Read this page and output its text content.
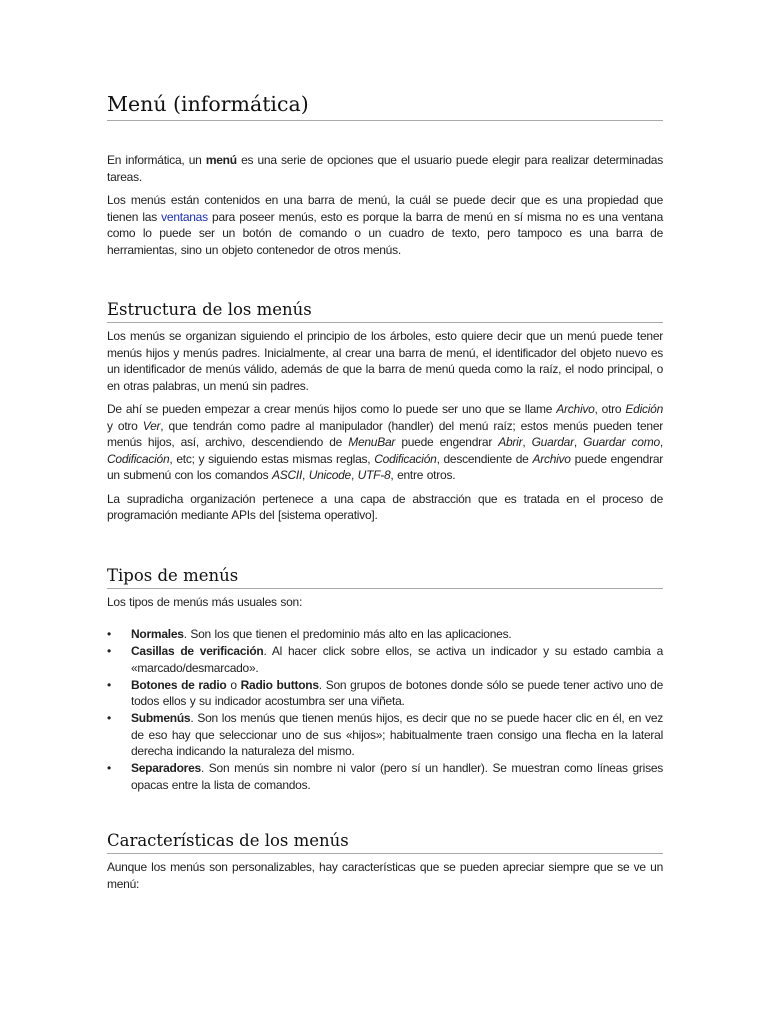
Menú (informática)

En informática, un menú es una serie de opciones que el usuario puede elegir para realizar determinadas tareas.

Los menús están contenidos en una barra de menú, la cuál se puede decir que es una propiedad que tienen las ventanas para poseer menús, esto es porque la barra de menú en sí misma no es una ventana como lo puede ser un botón de comando o un cuadro de texto, pero tampoco es una barra de herramientas, sino un objeto contenedor de otros menús.

Estructura de los menús

Los menús se organizan siguiendo el principio de los árboles, esto quiere decir que un menú puede tener menús hijos y menús padres. Inicialmente, al crear una barra de menú, el identificador del objeto nuevo es un identificador de menús válido, además de que la barra de menú queda como la raíz, el nodo principal, o en otras palabras, un menú sin padres.

De ahí se pueden empezar a crear menús hijos como lo puede ser uno que se llame Archivo, otro Edición y otro Ver, que tendrán como padre al manipulador (handler) del menú raíz; estos menús pueden tener menús hijos, así, archivo, descendiendo de MenuBar puede engendrar Abrir, Guardar, Guardar como, Codificación, etc; y siguiendo estas mismas reglas, Codificación, descendiente de Archivo puede engendrar un submenú con los comandos ASCII, Unicode, UTF-8, entre otros.

La supradicha organización pertenece a una capa de abstracción que es tratada en el proceso de programación mediante APIs del [sistema operativo].

Tipos de menús

Los tipos de menús más usuales son:

• Normales. Son los que tienen el predominio más alto en las aplicaciones.
• Casillas de verificación. Al hacer click sobre ellos, se activa un indicador y su estado cambia a «marcado/desmarcado».
• Botones de radio o Radio buttons. Son grupos de botones donde sólo se puede tener activo uno de todos ellos y su indicador acostumbra ser una viñeta.
• Submenús. Son los menús que tienen menús hijos, es decir que no se puede hacer clic en él, en vez de eso hay que seleccionar uno de sus «hijos»; habitualmente traen consigo una flecha en la lateral derecha indicando la naturaleza del mismo.
• Separadores. Son menús sin nombre ni valor (pero sí un handler). Se muestran como líneas grises opacas entre la lista de comandos.
Características de los menús

Aunque los menús son personalizables, hay características que se pueden apreciar siempre que se ve un menú:
